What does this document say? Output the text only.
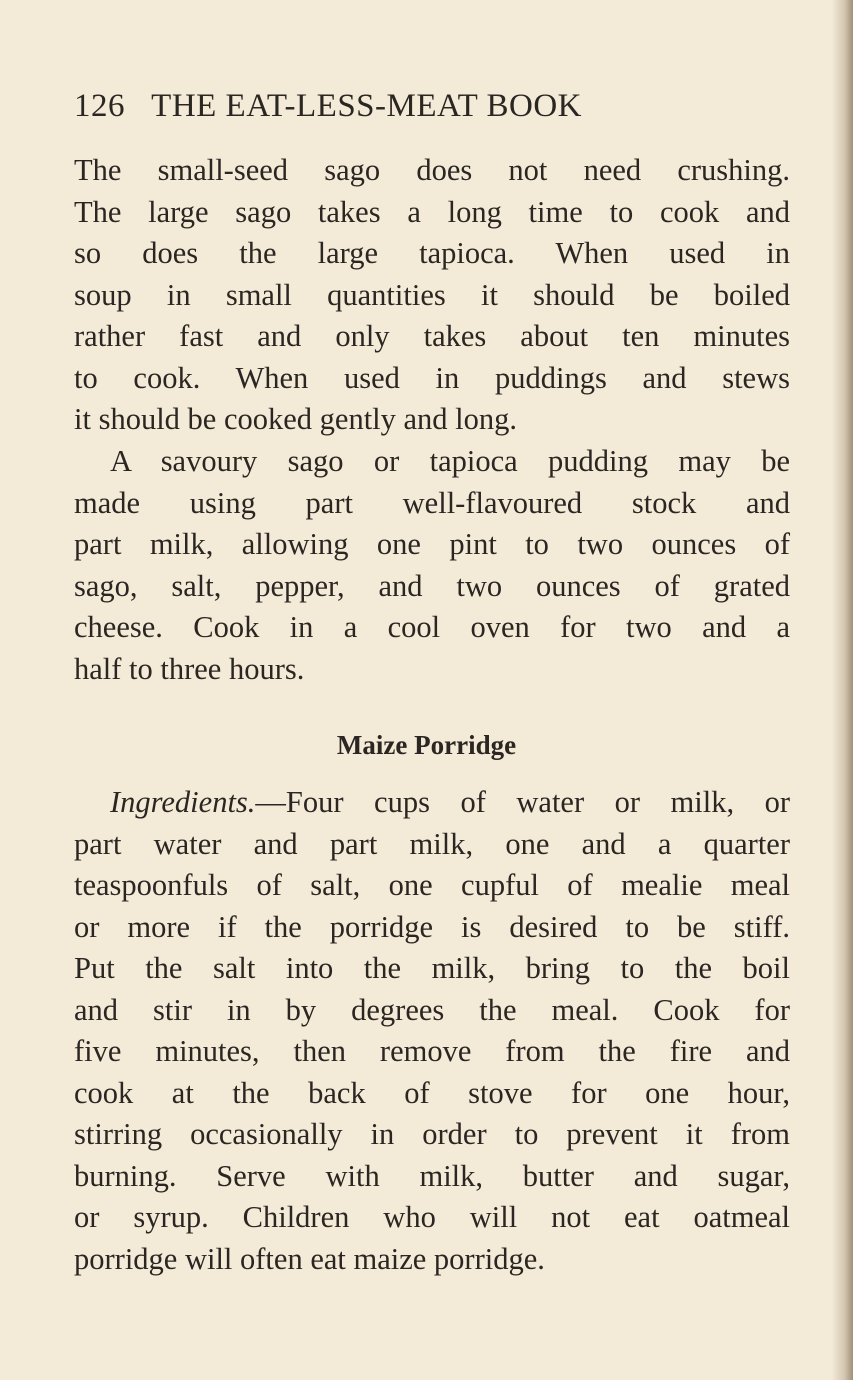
126 THE EAT-LESS-MEAT BOOK
The small-seed sago does not need crushing.
The large sago takes a long time to cook and
so does the large tapioca. When used in
soup in small quantities it should be boiled
rather fast and only takes about ten minutes
to cook. When used in puddings and stews
it should be cooked gently and long.
A savoury sago or tapioca pudding may be
made using part well-flavoured stock and
part milk, allowing one pint to two ounces of
sago, salt, pepper, and two ounces of grated
cheese. Cook in a cool oven for two and a
half to three hours.
Maize Porridge
Ingredients.—Four cups of water or milk, or
part water and part milk, one and a quarter
teaspoonfuls of salt, one cupful of mealie meal
or more if the porridge is desired to be stiff.
Put the salt into the milk, bring to the boil
and stir in by degrees the meal. Cook for
five minutes, then remove from the fire and
cook at the back of stove for one hour,
stirring occasionally in order to prevent it from
burning. Serve with milk, butter and sugar,
or syrup. Children who will not eat oatmeal
porridge will often eat maize porridge.
